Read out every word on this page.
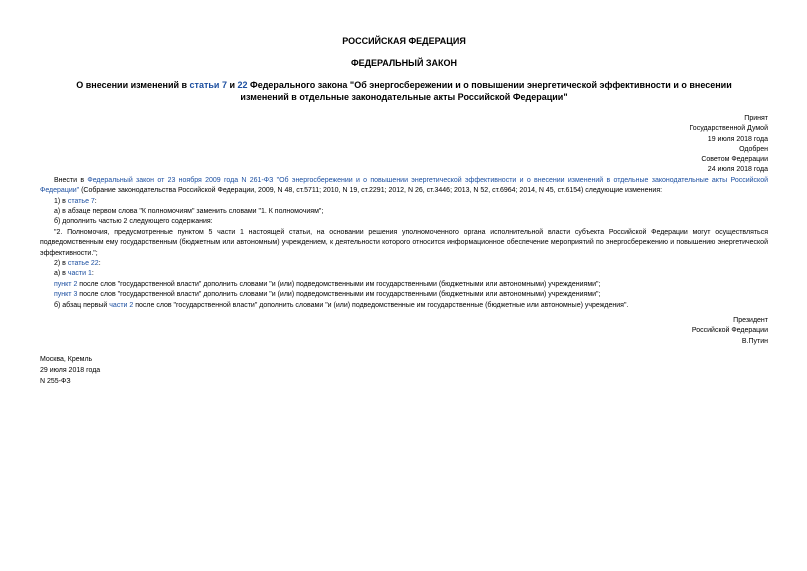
РОССИЙСКАЯ ФЕДЕРАЦИЯ
ФЕДЕРАЛЬНЫЙ ЗАКОН
О внесении изменений в статьи 7 и 22 Федерального закона "Об энергосбережении и о повышении энергетической эффективности и о внесении изменений в отдельные законодательные акты Российской Федерации"
Принят
Государственной Думой
19 июля 2018 года
Одобрен
Советом Федерации
24 июля 2018 года

Внести в Федеральный закон от 23 ноября 2009 года N 261-ФЗ "Об энергосбережении и о повышении энергетической эффективности и о внесении изменений в отдельные законодательные акты Российской Федерации" (Собрание законодательства Российской Федерации, 2009, N 48, ст.5711; 2010, N 19, ст.2291; 2012, N 26, ст.3446; 2013, N 52, ст.6964; 2014, N 45, ст.6154) следующие изменения:

1) в статье 7:

а) в абзаце первом слова "К полномочиям" заменить словами "1. К полномочиям";

б) дополнить частью 2 следующего содержания:

"2. Полномочия, предусмотренные пунктом 5 части 1 настоящей статьи, на основании решения уполномоченного органа исполнительной власти субъекта Российской Федерации могут осуществляться подведомственным ему государственным (бюджетным или автономным) учреждением, к деятельности которого относится информационное обеспечение мероприятий по энергосбережению и повышению энергетической эффективности.";

2) в статье 22:

а) в части 1:

пункт 2 после слов "государственной власти" дополнить словами "и (или) подведомственными им государственными (бюджетными или автономными) учреждениями";

пункт 3 после слов "государственной власти" дополнить словами "и (или) подведомственными им государственными (бюджетными или автономными) учреждениями";

б) абзац первый части 2 после слов "государственной власти" дополнить словами "и (или) подведомственные им государственные (бюджетные или автономные) учреждения".

Президент
Российской Федерации
В.Путин
Москва, Кремль
29 июля 2018 года
N 255-ФЗ
